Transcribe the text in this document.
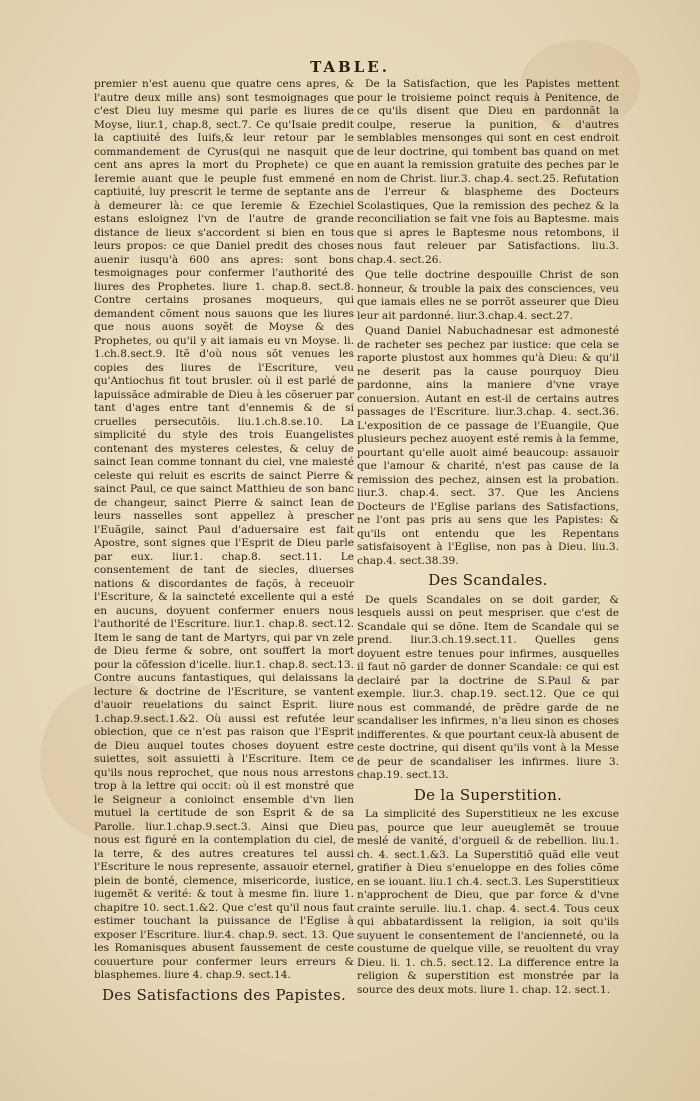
TABLE.

premier n'est auenu que quatre cens apres, & l'autre deux mille ans) sont tesmoignages que c'est Dieu luy mesme qui parle es liures de Moyse, liur.1, chap.8, sect.7. Ce qu'Isaie predit la captiuité des Iuifs,& leur retour par le commandement de Cyrus(qui ne nasquit que cent ans apres la mort du Prophete) ce que Ieremie auant que le peuple fust emmené en captiuité, luy prescrit le terme de septante ans à demeurer là: ce que Ieremie & Ezechiel estans esloignez l'vn de l'autre de grande distance de lieux s'accordent si bien en tous leurs propos: ce que Daniel predit des choses auenir iusqu'à 600 ans apres: sont bons tesmoignages pour confermer l'authorité des liures des Prophetes. liure 1. chap.8. sect.8. Contre certains prosanes moqueurs, qui demandent cõment nous sauons que les liures que nous auons soyẽt de Moyse & des Prophetes, ou qu'il y ait iamais eu vn Moyse. li. 1.ch.8.sect.9. Itẽ d'où nous sõt venues les copies des liures de l'Escriture, veu qu'Antiochus fit tout brusler. où il est parlé de lapuissãce admirable de Dieu à les cõseruer par tant d'ages entre tant d'ennemis & de si cruelles persecutõis. liu.1.ch.8.se.10. La simplicité du style des trois Euangelistes contenant des mysteres celestes, & celuy de sainct Iean comme tonnant du ciel, vne maiesté celeste qui reluit es escrits de sainct Pierre & sainct Paul, ce que sainct Matthieu de son banc de changeur, sainct Pierre & sainct Iean de leurs nasselles sont appellez à prescher l'Euãgile, sainct Paul d'aduersaire est fait Apostre, sont signes que l'Esprit de Dieu parle par eux. liur.1. chap.8. sect.11. Le consentement de tant de siecles, diuerses nations & discordantes de façõs, à receuoir l'Escriture, & la saincteté excellente qui a esté en aucuns, doyuent confermer enuers nous l'authorité de l'Escriture. liur.1. chap.8. sect.12. Item le sang de tant de Martyrs, qui par vn zele de Dieu ferme & sobre, ont souffert la mort pour la cõfession d'icelle. liur.1. chap.8. sect.13. Contre aucuns fantastiques, qui delaissans la lecture & doctrine de l'Escriture, se vantent d'auoir reuelations du sainct Esprit. liure 1.chap.9.sect.1.&2. Où aussi est refutée leur obiection, que ce n'est pas raison que l'Esprit de Dieu auquel toutes choses doyuent estre suiettes, soit assuietti à l'Escriture. Item ce qu'ils nous reprochet, que nous nous arrestons trop à la lettre qui occit: où il est monstré que le Seigneur a conioinct ensemble d'vn lien mutuel la certitude de son Esprit & de sa Parolle. liur.1.chap.9.sect.3. Ainsi que Dieu nous est figuré en la contemplation du ciel, de la terre, & des autres creatures tel aussi l'Escriture le nous represente, assauoir eternel, plein de bonté, clemence, misericorde, iustice, iugemẽt & verité: & tout à mesme fin. liure 1. chapitre 10. sect.1.&2. Que c'est qu'il nous faut estimer touchant la puissance de l'Eglise à exposer l'Escriture. liur.4. chap.9. sect. 13. Que les Romanisques abusent faussement de ceste couuerture pour confermer leurs erreurs & blasphemes. liure 4. chap.9. sect.14.

Des Satisfactions des Papistes.

De la Satisfaction, que les Papistes mettent pour le troisieme poinct requis à Penitence, de ce qu'ils disent que Dieu en pardonnãt la coulpe, reserue la punition, & d'autres semblables mensonges qui sont en cest endroit de leur doctrine, qui tombent bas quand on met en auant la remission gratuite des peches par le nom de Christ. liur.3. chap.4. sect.25. Refutation de l'erreur & blaspheme des Docteurs Scolastiques, Que la remission des pechez & la reconciliation se fait vne fois au Baptesme. mais que si apres le Baptesme nous retombons, il nous faut releuer par Satisfactions. liu.3. chap.4. sect.26.

Que telle doctrine despouille Christ de son honneur, & trouble la paix des consciences, veu que iamais elles ne se porrõt asseurer que Dieu leur ait pardonné. liur.3.chap.4. sect.27.

Quand Daniel Nabuchadnesar est admonesté de racheter ses pechez par iustice: que cela se raporte plustost aux hommes qu'à Dieu: & qu'il ne deserit pas la cause pourquoy Dieu pardonne, ains la maniere d'vne vraye conuersion. Autant en est-il de certains autres passages de l'Escriture. liur.3.chap. 4. sect.36. L'exposition de ce passage de l'Euangile, Que plusieurs pechez auoyent esté remis à la femme, pourtant qu'elle auoit aimé beaucoup: assauoir que l'amour & charité, n'est pas cause de la remission des pechez, ainsen est la probation. liur.3. chap.4. sect. 37. Que les Anciens Docteurs de l'Eglise parlans des Satisfactions, ne l'ont pas pris au sens que les Papistes: & qu'ils ont entendu que les Repentans satisfaisoyent à l'Eglise, non pas à Dieu. liu.3. chap.4. sect.38.39.

Des Scandales.

De quels Scandales on se doit garder, & lesquels aussi on peut mespriser. que c'est de Scandale qui se dõne. Item de Scandale qui se prend. liur.3.ch.19.sect.11. Quelles gens doyuent estre tenues pour infirmes, ausquelles il faut nõ garder de donner Scandale: ce qui est declairé par la doctrine de S.Paul & par exemple. liur.3. chap.19. sect.12. Que ce qui nous est commandé, de prẽdre garde de ne scandaliser les infirmes, n'a lieu sinon es choses indifferentes. & que pourtant ceux-là abusent de ceste doctrine, qui disent qu'ils vont à la Messe de peur de scandaliser les infirmes. liure 3. chap.19. sect.13.

De la Superstition.

La simplicité des Superstitieux ne les excuse pas, pource que leur aueuglemẽt se trouue meslé de vanité, d'orgueil & de rebellion. liu.1. ch. 4. sect.1.&3. La Superstitiõ quãd elle veut gratifier à Dieu s'enueloppe en des folies cõme en se iouant. liu.1 ch.4. sect.3. Les Superstitieux n'approchent de Dieu, que par force & d'vne crainte seruile. liu.1. chap. 4. sect.4. Tous ceux qui abbatardissent la religion, ia soit qu'ils suyuent le consentement de l'ancienneté, ou la coustume de quelque ville, se reuoltent du vray Dieu. li. 1. ch.5. sect.12. La difference entre la religion & superstition est monstrée par la source des deux mots. liure 1. chap. 12. sect.1.
